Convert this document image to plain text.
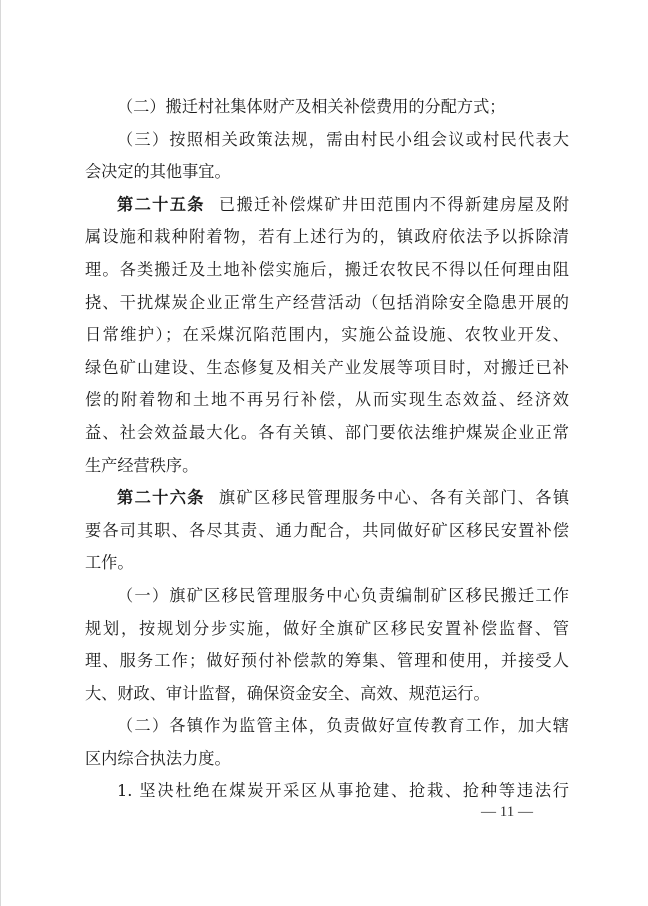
（二）搬迁村社集体财产及相关补偿费用的分配方式；
（三）按照相关政策法规，需由村民小组会议或村民代表大
会决定的其他事宜。
第二十五条 已搬迁补偿煤矿井田范围内不得新建房屋及附
属设施和栽种附着物，若有上述行为的，镇政府依法予以拆除清
理。各类搬迁及土地补偿实施后，搬迁农牧民不得以任何理由阻
挠、干扰煤炭企业正常生产经营活动（包括消除安全隐患开展的
日常维护）；在采煤沉陷范围内，实施公益设施、农牧业开发、
绿色矿山建设、生态修复及相关产业发展等项目时，对搬迁已补
偿的附着物和土地不再另行补偿，从而实现生态效益、经济效
益、社会效益最大化。各有关镇、部门要依法维护煤炭企业正常
生产经营秩序。
第二十六条 旗矿区移民管理服务中心、各有关部门、各镇
要各司其职、各尽其责、通力配合，共同做好矿区移民安置补偿
工作。
（一）旗矿区移民管理服务中心负责编制矿区移民搬迁工作
规划，按规划分步实施，做好全旗矿区移民安置补偿监督、管
理、服务工作；做好预付补偿款的筹集、管理和使用，并接受人
大、财政、审计监督，确保资金安全、高效、规范运行。
（二）各镇作为监管主体，负责做好宣传教育工作，加大辖
区内综合执法力度。
1. 坚决杜绝在煤炭开采区从事抢建、抢栽、抢种等违法行
— 11 —
